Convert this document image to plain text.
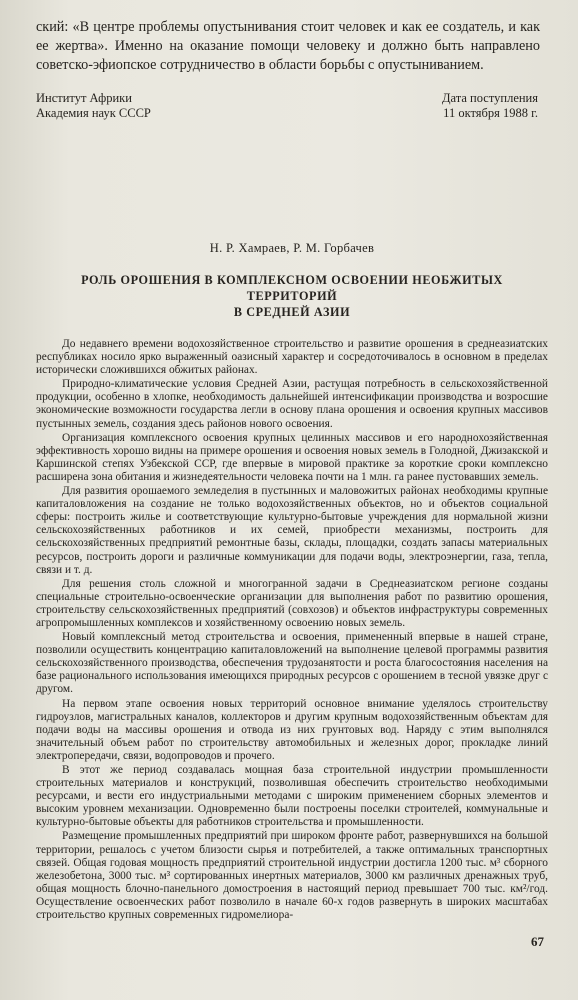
ский: «В центре проблемы опустынивания стоит человек и как ее создатель, и как ее жертва». Именно на оказание помощи человеку и должно быть направлено советско-эфиопское сотрудничество в области борьбы с опустыниванием.

Институт Африки
Академия наук СССР
Дата поступления
11 октября 1988 г.
Н. Р. Хамраев, Р. М. Горбачев
РОЛЬ ОРОШЕНИЯ В КОМПЛЕКСНОМ ОСВОЕНИИ НЕОБЖИТЫХ ТЕРРИТОРИЙ
В СРЕДНЕЙ АЗИИ

До недавнего времени водохозяйственное строительство и развитие орошения в среднеазиатских республиках носило ярко выраженный оазисный характер и сосредоточивалось в основном в пределах исторически сложившихся обжитых районах.

Природно-климатические условия Средней Азии, растущая потребность в сельскохозяйственной продукции, особенно в хлопке, необходимость дальнейшей интенсификации производства и возросшие экономические возможности государства легли в основу плана орошения и освоения крупных массивов пустынных земель, создания здесь районов нового освоения.

Организация комплексного освоения крупных целинных массивов и его народнохозяйственная эффективность хорошо видны на примере орошения и освоения новых земель в Голодной, Джизакской и Каршинской степях Узбекской ССР, где впервые в мировой практике за короткие сроки комплексно расширена зона обитания и жизнедеятельности человека почти на 1 млн. га ранее пустовавших земель.

Для развития орошаемого земледелия в пустынных и маловожитых районах необходимы крупные капиталовложения на создание не только водохозяйственных объектов, но и объектов социальной сферы: построить жилье и соответствующие культурно-бытовые учреждения для нормальной жизни сельскохозяйственных работников и их семей, приобрести механизмы, построить для сельскохозяйственных предприятий ремонтные базы, склады, площадки, создать запасы материальных ресурсов, построить дороги и различные коммуникации для подачи воды, электроэнергии, газа, тепла, связи и т. д.

Для решения столь сложной и многогранной задачи в Среднеазиатском регионе созданы специальные строительно-освоенческие организации для выполнения работ по развитию орошения, строительству сельскохозяйственных предприятий (совхозов) и объектов инфраструктуры современных агропромышленных комплексов и хозяйственному освоению новых земель.

Новый комплексный метод строительства и освоения, примененный впервые в нашей стране, позволили осуществить концентрацию капиталовложений на выполнение целевой программы развития сельскохозяйственного производства, обеспечения трудозанятости и роста благосостояния населения на базе рационального использования имеющихся природных ресурсов с орошением в тесной увязке друг с другом.

На первом этапе освоения новых территорий основное внимание уделялось строительству гидроузлов, магистральных каналов, коллекторов и другим крупным водохозяйственным объектам для подачи воды на массивы орошения и отвода из них грунтовых вод. Наряду с этим выполнялся значительный объем работ по строительству автомобильных и железных дорог, прокладке линий электропередачи, связи, водопроводов и прочего.

В этот же период создавалась мощная база строительной индустрии промышленности строительных материалов и конструкций, позволившая обеспечить строительство необходимыми ресурсами, и вести его индустриальными методами с широким применением сборных элементов и высоким уровнем механизации. Одновременно были построены поселки строителей, коммунальные и культурно-бытовые объекты для работников строительства и промышленности.

Размещение промышленных предприятий при широком фронте работ, развернувшихся на большой территории, решалось с учетом близости сырья и потребителей, а также оптимальных транспортных связей. Общая годовая мощность предприятий строительной индустрии достигла 1200 тыс. м³ сборного железобетона, 3000 тыс. м³ сортированных инертных материалов, 3000 км различных дренажных труб, общая мощность блочно-панельного домостроения в настоящий период превышает 700 тыс. км²/год. Осуществление освоенческих работ позволило в начале 60-х годов развернуть в широких масштабах строительство крупных современных гидромелиора-

67
